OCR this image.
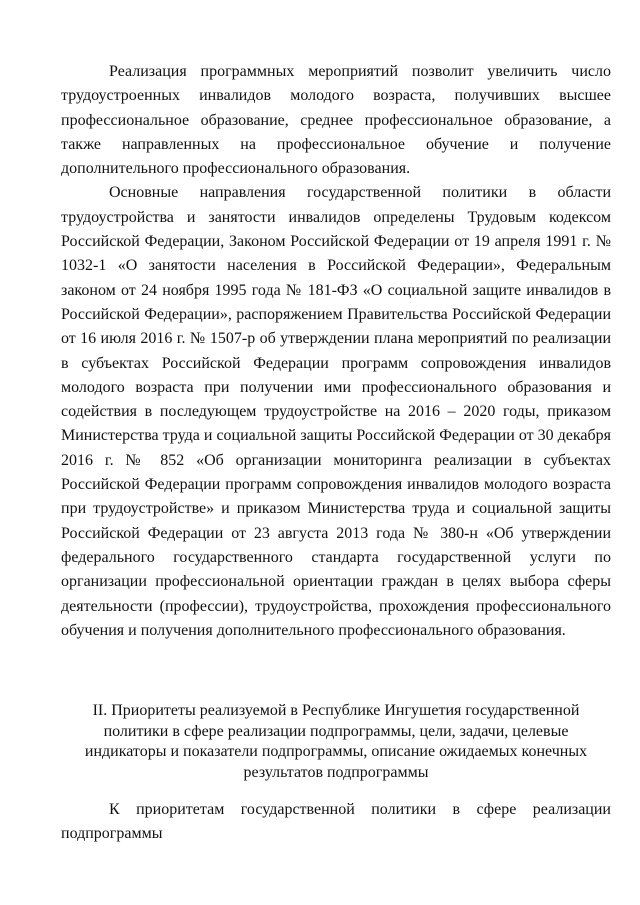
Реализация программных мероприятий позволит увеличить число трудоустроенных инвалидов молодого возраста, получивших высшее профессиональное образование, среднее профессиональное образование, а также направленных на профессиональное обучение и получение дополнительного профессионального образования.

Основные направления государственной политики в области трудоустройства и занятости инвалидов определены Трудовым кодексом Российской Федерации, Законом Российской Федерации от 19 апреля 1991 г. № 1032-1 «О занятости населения в Российской Федерации», Федеральным законом от 24 ноября 1995 года № 181-ФЗ «О социальной защите инвалидов в Российской Федерации», распоряжением Правительства Российской Федерации от 16 июля 2016 г. № 1507-р об утверждении плана мероприятий по реализации в субъектах Российской Федерации программ сопровождения инвалидов молодого возраста при получении ими профессионального образования и содействия в последующем трудоустройстве на 2016 – 2020 годы, приказом Министерства труда и социальной защиты Российской Федерации от 30 декабря 2016 г. № 852 «Об организации мониторинга реализации в субъектах Российской Федерации программ сопровождения инвалидов молодого возраста при трудоустройстве» и приказом Министерства труда и социальной защиты Российской Федерации от 23 августа 2013 года № 380-н «Об утверждении федерального государственного стандарта государственной услуги по организации профессиональной ориентации граждан в целях выбора сферы деятельности (профессии), трудоустройства, прохождения профессионального обучения и получения дополнительного профессионального образования.

II. Приоритеты реализуемой в Республике Ингушетия государственной политики в сфере реализации подпрограммы, цели, задачи, целевые индикаторы и показатели подпрограммы, описание ожидаемых конечных результатов подпрограммы

К приоритетам государственной политики в сфере реализации подпрограммы
